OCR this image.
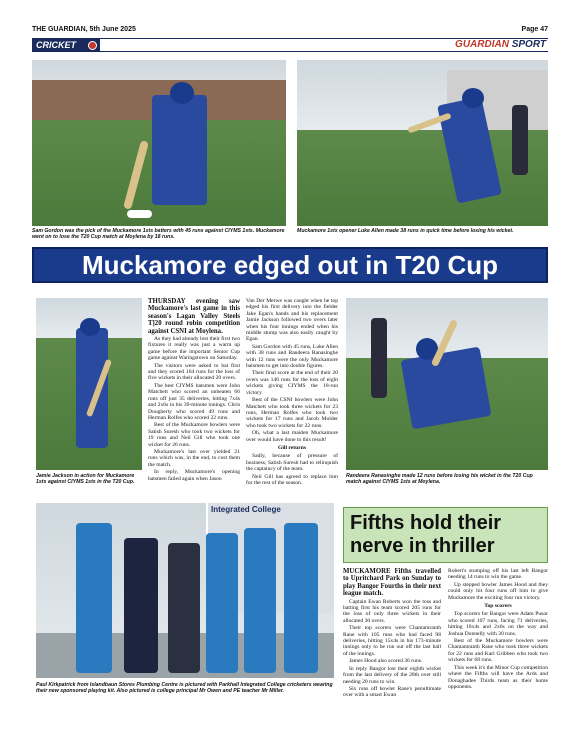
THE GUARDIAN, 5th June 2025	Page 47
CRICKET	GUARDIAN SPORT
Sam Gordon was the pick of the Muckamore 1sts batters with 45 runs against CIYMS 1sts. Muckamore went on to lose the T20 Cup match at Moylena by 18 runs.
Muckamore 1sts opener Luke Allen made 38 runs in quick time before losing his wicket.
Muckamore edged out in T20 Cup
Jamie Jackson in action for Muckamore 1sts against CIYMS 1sts in the T20 Cup.

THURSDAY evening saw Muckamore's last game in this season's Lagan Valley Steels T]20 round robin competition against CSNI at Moylena.

As they had already lost their first two fixtures it really was just a warm up game before the important Senior Cup game against Waringstown on Saturday.

The visitors were asked to bat first and they scored 164 runs for the loss of five wickets in their allocated 20 overs.

The best CIYMS batsmen were John Matchett who scored an unbeaten 66 runs off just 35 deliveries, hitting 7x4s and 2x6s in his 39-minute innings. Chris Dougherty who scored 49 runs and Herman Rolfes who scored 22 runs.

Best of the Muckamore bowlers were Satish Suresh who took two wickets for 19 runs and Neil Gill who took one wicket for 26 runs.

Muckamore's last over yielded 21 runs which was, in the end, to cost them the match.

In reply, Muckamore's opening batsmen failed again when Jason

Van Der Merwe was caught when he top edged his first delivery into the fielder Jake Egan's hands and his replacement Jamie Jackson followed two overs later when his four innings ended when his middle stump was also easily caught by Egan.

Sam Gordon with 45 runs, Luke Allen with 38 runs and Randeera Ranasinghe with 12 runs were the only Muckamore batsmen to get into double figures.

Their final score at the end of their 20 overs was 146 runs for the loss of eight wickets giving CIYMS the 18-run victory.

Best of the CSNI bowlers were John Matchett who took three wickets for 23 runs, Herman Rolfes who took two wickets for 17 runs and Jacob Molder who took two wickets for 22 runs.

Oh, what a last maiden Muckamore over would have done to this result!

Gill returns

Sadly, because of pressure of business, Satish Suresh had to relinquish the captaincy of the team.

Neil Gill has agreed to replace him for the rest of the season.

Randeera Ranasinghe made 12 runs before losing his wicket in the T20 Cup match against CIYMS 1sts at Moylena.
Integrated College
Paul Kirkpatrick from Islandbaun Stores Plumbing Centre is pictured with Parkhall Integrated College cricketers wearing their new sponsored playing kit. Also pictured is college principal Mr Owen and PE teacher Mr Miller.
Fifths hold their nerve in thriller

MUCKAMORE Fifths travelled to Upritchard Park on Sunday to play Bangor Fourths in their next league match.

Captain Ewan Roberts won the toss and batting first his team scored 205 runs for the loss of only three wickets in their allocated 30 overs.

Their top scorers were Chantamranth Rane with 105 runs who had faced 98 deliveries, hitting 15x4s in his 173-minute innings only to be run out off the last ball of the innings.

James Hood also scored 36 runs.

In reply Bangor lost their eighth wicket from the last delivery of the 28th over still needing 20 runs to win.

Six runs off bowler Rane's penultimate over with a smart Ewan

Robert's stumping off his last left Bangor needing 14 runs to win the game.

Up stepped bowler James Hood and they could only hit four runs off him to give Muckamore the exciting four run victory.

Top scorers

Top scorers for Bangor were Adam Pusor who scored 107 runs, facing 71 deliveries, hitting 10x4s and 2x6s on the way and Joshua Donnelly with 30 runs.

Best of the Muckamore bowlers were Chantamranth Rane who took three wickets for 22 runs and Karl Gribben who took two wickets for 68 runs.

This week it's the Minor Cup competition where the Fifths will have the Ards and Donaghadee Thirds team as their home opponents.
